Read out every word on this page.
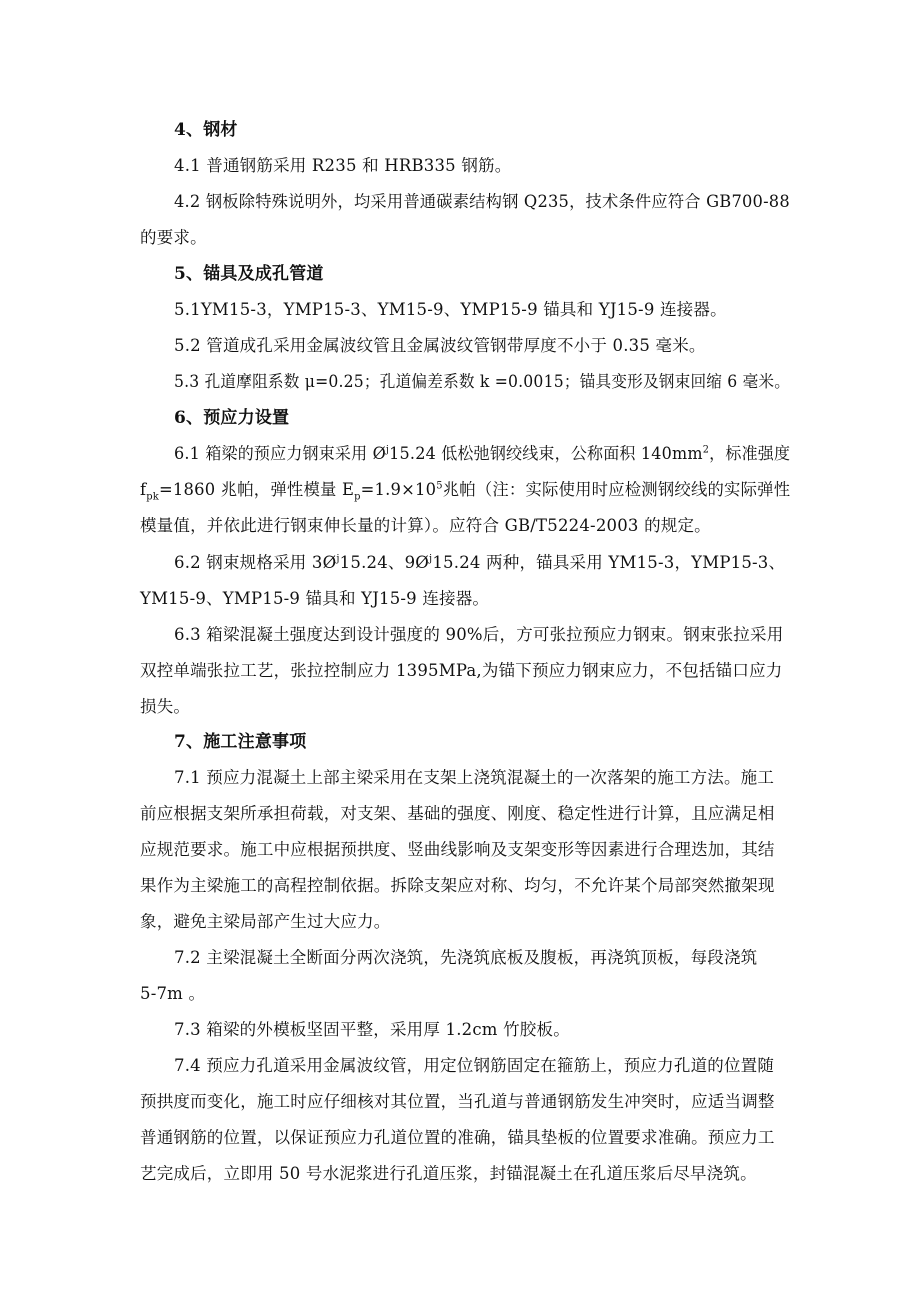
4、钢材
4.1 普通钢筋采用 R235 和 HRB335 钢筋。
4.2 钢板除特殊说明外，均采用普通碳素结构钢 Q235，技术条件应符合 GB700-88
的要求。
5、锚具及成孔管道
5.1YM15-3，YMP15-3、YM15-9、YMP15-9 锚具和 YJ15-9 连接器。
5.2 管道成孔采用金属波纹管且金属波纹管钢带厚度不小于 0.35 毫米。
5.3 孔道摩阻系数 μ=0.25；孔道偏差系数 k =0.0015；锚具变形及钢束回缩 6 毫米。
6、预应力设置
6.1 箱梁的预应力钢束采用 $Ø^j15.24$ 低松弛钢绞线束，公称面积 $140mm^2$，标准强度
$f_{pk}=1860$ 兆帕，弹性模量 $E_p=1.9\times 10^5$兆帕（注：实际使用时应检测钢绞线的实际弹性
模量值，并依此进行钢束伸长量的计算）。应符合 GB/T5224-2003 的规定。
6.2 钢束规格采用 $3Ø^j15.24$、$9Ø^j15.24$ 两种，锚具采用 YM15-3，YMP15-3、
YM15-9、YMP15-9 锚具和 YJ15-9 连接器。
6.3 箱梁混凝土强度达到设计强度的 90%后，方可张拉预应力钢束。钢束张拉采用
双控单端张拉工艺，张拉控制应力 1395MPa,为锚下预应力钢束应力，不包括锚口应力
损失。
7、施工注意事项
7.1 预应力混凝土上部主梁采用在支架上浇筑混凝土的一次落架的施工方法。施工
前应根据支架所承担荷载，对支架、基础的强度、刚度、稳定性进行计算，且应满足相
应规范要求。施工中应根据预拱度、竖曲线影响及支架变形等因素进行合理迭加，其结
果作为主梁施工的高程控制依据。拆除支架应对称、均匀，不允许某个局部突然撤架现
象，避免主梁局部产生过大应力。
7.2 主梁混凝土全断面分两次浇筑，先浇筑底板及腹板，再浇筑顶板，每段浇筑
5-7m 。
7.3 箱梁的外模板坚固平整，采用厚 1.2cm 竹胶板。
7.4 预应力孔道采用金属波纹管，用定位钢筋固定在箍筋上，预应力孔道的位置随
预拱度而变化，施工时应仔细核对其位置，当孔道与普通钢筋发生冲突时，应适当调整
普通钢筋的位置，以保证预应力孔道位置的准确，锚具垫板的位置要求准确。预应力工
艺完成后，立即用 50 号水泥浆进行孔道压浆，封锚混凝土在孔道压浆后尽早浇筑。
